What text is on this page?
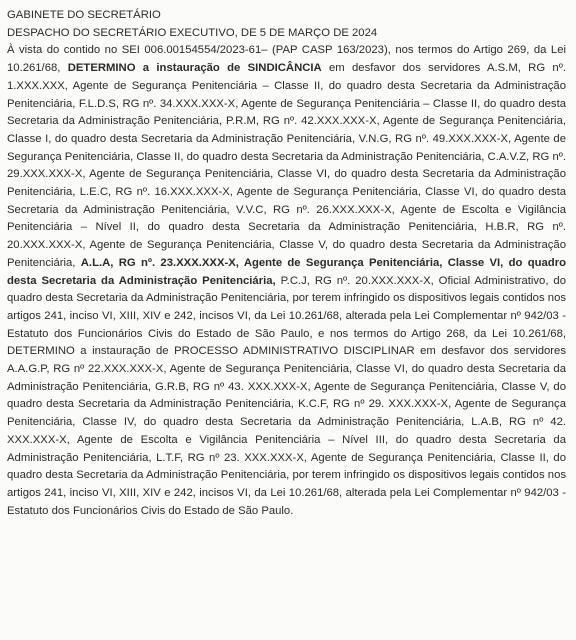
GABINETE DO SECRETÁRIO

DESPACHO DO SECRETÁRIO EXECUTIVO, DE 5 DE MARÇO DE 2024

À vista do contido no SEI 006.00154554/2023-61– (PAP CASP 163/2023), nos termos do Artigo 269, da Lei 10.261/68, DETERMINO a instauração de SINDICÂNCIA em desfavor dos servidores A.S.M, RG nº. 1.XXX.XXX, Agente de Segurança Penitenciária – Classe II, do quadro desta Secretaria da Administração Penitenciária, F.L.D.S, RG nº. 34.XXX.XXX-X, Agente de Segurança Penitenciária – Classe II, do quadro desta Secretaria da Administração Penitenciária, P.R.M, RG nº. 42.XXX.XXX-X, Agente de Segurança Penitenciária, Classe I, do quadro desta Secretaria da Administração Penitenciária, V.N.G, RG nº. 49.XXX.XXX-X, Agente de Segurança Penitenciária, Classe II, do quadro desta Secretaria da Administração Penitenciária, C.A.V.Z, RG nº. 29.XXX.XXX-X, Agente de Segurança Penitenciária, Classe VI, do quadro desta Secretaria da Administração Penitenciária, L.E.C, RG nº. 16.XXX.XXX-X, Agente de Segurança Penitenciária, Classe VI, do quadro desta Secretaria da Administração Penitenciária, V.V.C, RG nº. 26.XXX.XXX-X, Agente de Escolta e Vigilância Penitenciária – Nível II, do quadro desta Secretaria da Administração Penitenciária, H.B.R, RG nº. 20.XXX.XXX-X, Agente de Segurança Penitenciária, Classe V, do quadro desta Secretaria da Administração Penitenciária, A.L.A, RG nº. 23.XXX.XXX-X, Agente de Segurança Penitenciária, Classe VI, do quadro desta Secretaria da Administração Penitenciária, P.C.J, RG nº. 20.XXX.XXX-X, Oficial Administrativo, do quadro desta Secretaria da Administração Penitenciária, por terem infringido os dispositivos legais contidos nos artigos 241, inciso VI, XIII, XIV e 242, incisos VI, da Lei 10.261/68, alterada pela Lei Complementar nº 942/03 - Estatuto dos Funcionários Civis do Estado de São Paulo, e nos termos do Artigo 268, da Lei 10.261/68, DETERMINO a instauração de PROCESSO ADMINISTRATIVO DISCIPLINAR em desfavor dos servidores A.A.G.P, RG nº 22.XXX.XXX-X, Agente de Segurança Penitenciária, Classe VI, do quadro desta Secretaria da Administração Penitenciária, G.R.B, RG nº 43. XXX.XXX-X, Agente de Segurança Penitenciária, Classe V, do quadro desta Secretaria da Administração Penitenciária, K.C.F, RG nº 29. XXX.XXX-X, Agente de Segurança Penitenciária, Classe IV, do quadro desta Secretaria da Administração Penitenciária, L.A.B, RG nº 42. XXX.XXX-X, Agente de Escolta e Vigilância Penitenciária – Nível III, do quadro desta Secretaria da Administração Penitenciária, L.T.F, RG nº 23. XXX.XXX-X, Agente de Segurança Penitenciária, Classe II, do quadro desta Secretaria da Administração Penitenciária, por terem infringido os dispositivos legais contidos nos artigos 241, inciso VI, XIII, XIV e 242, incisos VI, da Lei 10.261/68, alterada pela Lei Complementar nº 942/03 - Estatuto dos Funcionários Civis do Estado de São Paulo.
